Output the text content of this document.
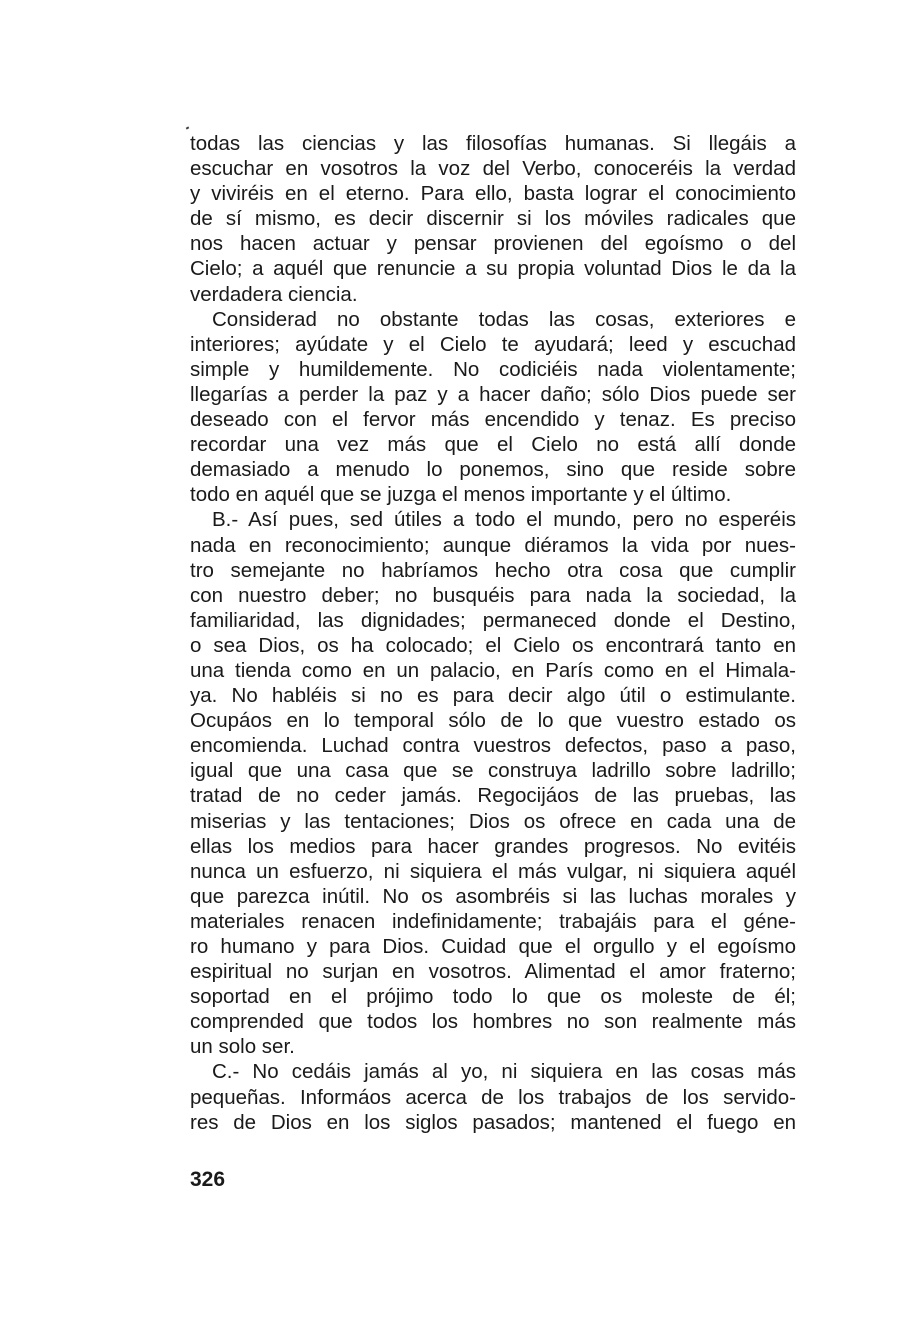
todas las ciencias y las filosofías humanas. Si llegáis a
escuchar en vosotros la voz del Verbo, conoceréis la verdad
y viviréis en el eterno. Para ello, basta lograr el conocimiento
de sí mismo, es decir discernir si los móviles radicales que
nos hacen actuar y pensar provienen del egoísmo o del
Cielo; a aquél que renuncie a su propia voluntad Dios le da la
verdadera ciencia.
Considerad no obstante todas las cosas, exteriores e
interiores; ayúdate y el Cielo te ayudará; leed y escuchad
simple y humildemente. No codiciéis nada violentamente;
llegarías a perder la paz y a hacer daño; sólo Dios puede ser
deseado con el fervor más encendido y tenaz. Es preciso
recordar una vez más que el Cielo no está allí donde
demasiado a menudo lo ponemos, sino que reside sobre
todo en aquél que se juzga el menos importante y el último.
B.- Así pues, sed útiles a todo el mundo, pero no esperéis
nada en reconocimiento; aunque diéramos la vida por nues-
tro semejante no habríamos hecho otra cosa que cumplir
con nuestro deber; no busquéis para nada la sociedad, la
familiaridad, las dignidades; permaneced donde el Destino,
o sea Dios, os ha colocado; el Cielo os encontrará tanto en
una tienda como en un palacio, en París como en el Himala-
ya. No habléis si no es para decir algo útil o estimulante.
Ocupáos en lo temporal sólo de lo que vuestro estado os
encomienda. Luchad contra vuestros defectos, paso a paso,
igual que una casa que se construya ladrillo sobre ladrillo;
tratad de no ceder jamás. Regocijáos de las pruebas, las
miserias y las tentaciones; Dios os ofrece en cada una de
ellas los medios para hacer grandes progresos. No evitéis
nunca un esfuerzo, ni siquiera el más vulgar, ni siquiera aquél
que parezca inútil. No os asombréis si las luchas morales y
materiales renacen indefinidamente; trabajáis para el géne-
ro humano y para Dios. Cuidad que el orgullo y el egoísmo
espiritual no surjan en vosotros. Alimentad el amor fraterno;
soportad en el prójimo todo lo que os moleste de él;
comprended que todos los hombres no son realmente más
un solo ser.
C.- No cedáis jamás al yo, ni siquiera en las cosas más
pequeñas. Informáos acerca de los trabajos de los servido-
res de Dios en los siglos pasados; mantened el fuego en
326
